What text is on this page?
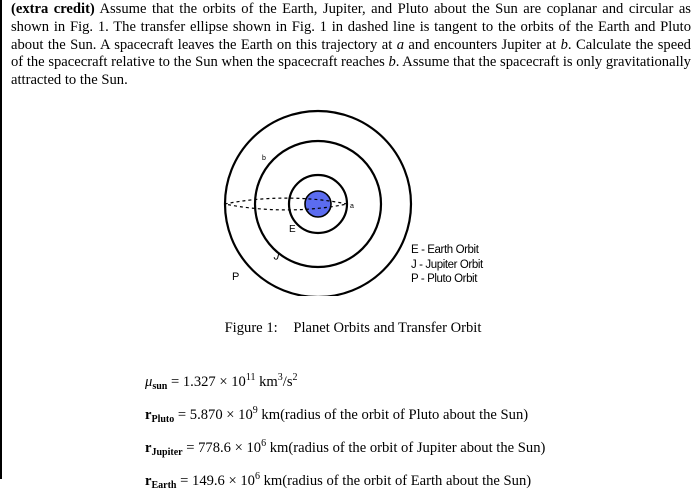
(extra credit) Assume that the orbits of the Earth, Jupiter, and Pluto about the Sun are coplanar and circular as shown in Fig. 1. The transfer ellipse shown in Fig. 1 in dashed line is tangent to the orbits of the Earth and Pluto about the Sun. A spacecraft leaves the Earth on this trajectory at a and encounters Jupiter at b. Calculate the speed of the spacecraft relative to the Sun when the spacecraft reaches b. Assume that the spacecraft is only gravitationally attracted to the Sun.

a
b
E
J
P
E - Earth Orbit
J - Jupiter Orbit
P - Pluto Orbit
Figure 1: Planet Orbits and Transfer Orbit
$\mu_{sun} = 1.327 \times 10^{11}$ $km^3/s^2$
$r_{Pluto} = 5.870 \times 10^9$ km(radius of the orbit of Pluto about the Sun)
$r_{Jupiter} = 778.6 \times 10^6$ km(radius of the orbit of Jupiter about the Sun)
$r_{Earth} = 149.6 \times 10^6$ km(radius of the orbit of Earth about the Sun)
